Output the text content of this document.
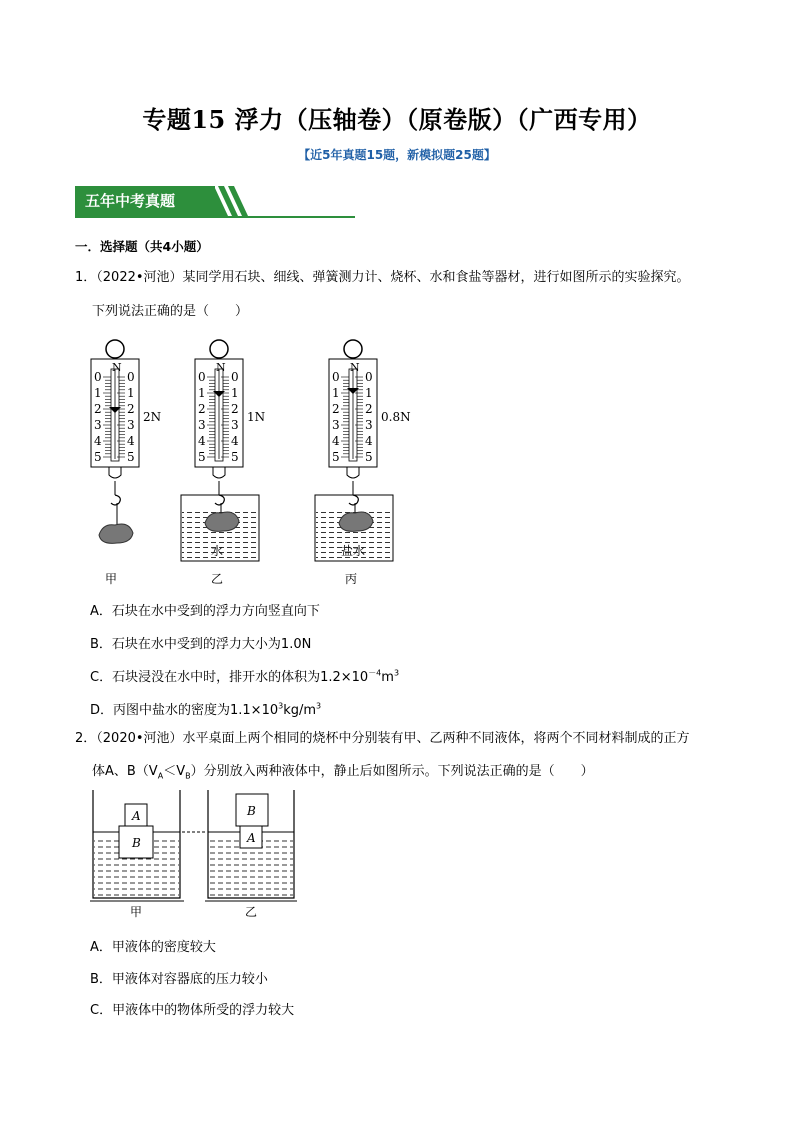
专题15 浮力（压轴卷）（原卷版）（广西专用）
【近5年真题15题，新模拟题25题】
五年中考真题
一．选择题（共4小题）
1．（2022•河池）某同学用石块、细线、弹簧测力计、烧杯、水和食盐等器材，进行如图所示的实验探究。
下列说法正确的是（　　）
0 0
1 1
2 2
3 3
4 4
5 5
0 0
1 1
2 2
3 3
4 4
5 5
0 0
1 1
2 2
3 3
4 4
5 5
N	N	N
2N	1N	0.8N
水	盐水
甲	乙	丙
A．石块在水中受到的浮力方向竖直向下
B．石块在水中受到的浮力大小为1.0N
C．石块浸没在水中时，排开水的体积为$1.2\times 10^{-4}m^3$
D．丙图中盐水的密度为$1.1\times 10^3kg/m^3$
2．（2020•河池）水平桌面上两个相同的烧杯中分别装有甲、乙两种不同液体，将两个不同材料制成的正方
体A、$B(V_A<V_B)$分别放入两种液体中，静止后如图所示。下列说法正确的是（　　）
A
B
B
A
甲	乙
A．甲液体的密度较大
B．甲液体对容器底的压力较小
C．甲液体中的物体所受的浮力较大
